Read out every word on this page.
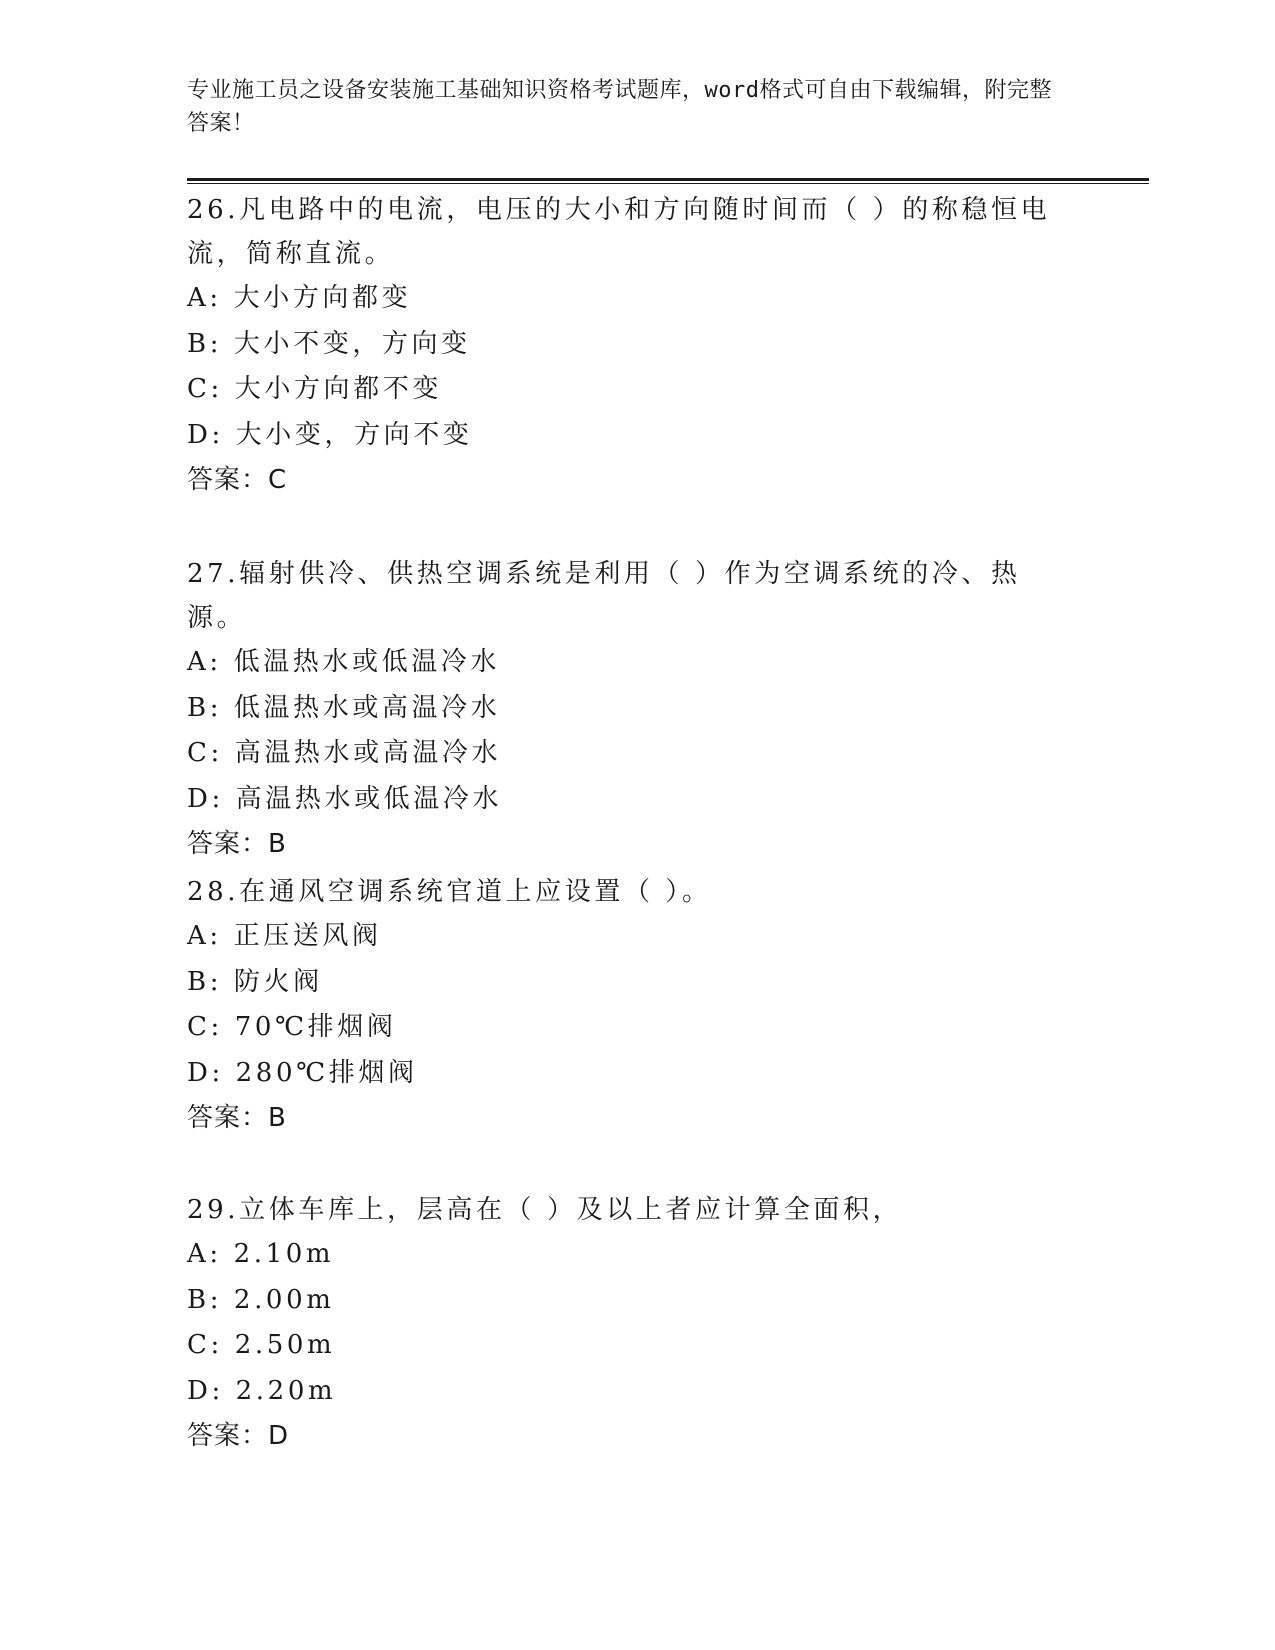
专业施工员之设备安装施工基础知识资格考试题库，word格式可自由下载编辑，附完整答案！

26.凡电路中的电流，电压的大小和方向随时间而（ ）的称稳恒电流，简称直流。

A: 大小方向都变

B: 大小不变，方向变

C: 大小方向都不变

D: 大小变，方向不变

答案：C

27.辐射供冷、供热空调系统是利用（ ）作为空调系统的冷、热源。

A: 低温热水或低温冷水

B: 低温热水或高温冷水

C: 高温热水或高温冷水

D: 高温热水或低温冷水

答案：B

28.在通风空调系统官道上应设置（ ）。

A: 正压送风阀

B: 防火阀

C: 70℃排烟阀

D: 280℃排烟阀

答案：B

29.立体车库上，层高在（ ）及以上者应计算全面积，

A: 2.10m

B: 2.00m

C: 2.50m

D: 2.20m

答案：D
